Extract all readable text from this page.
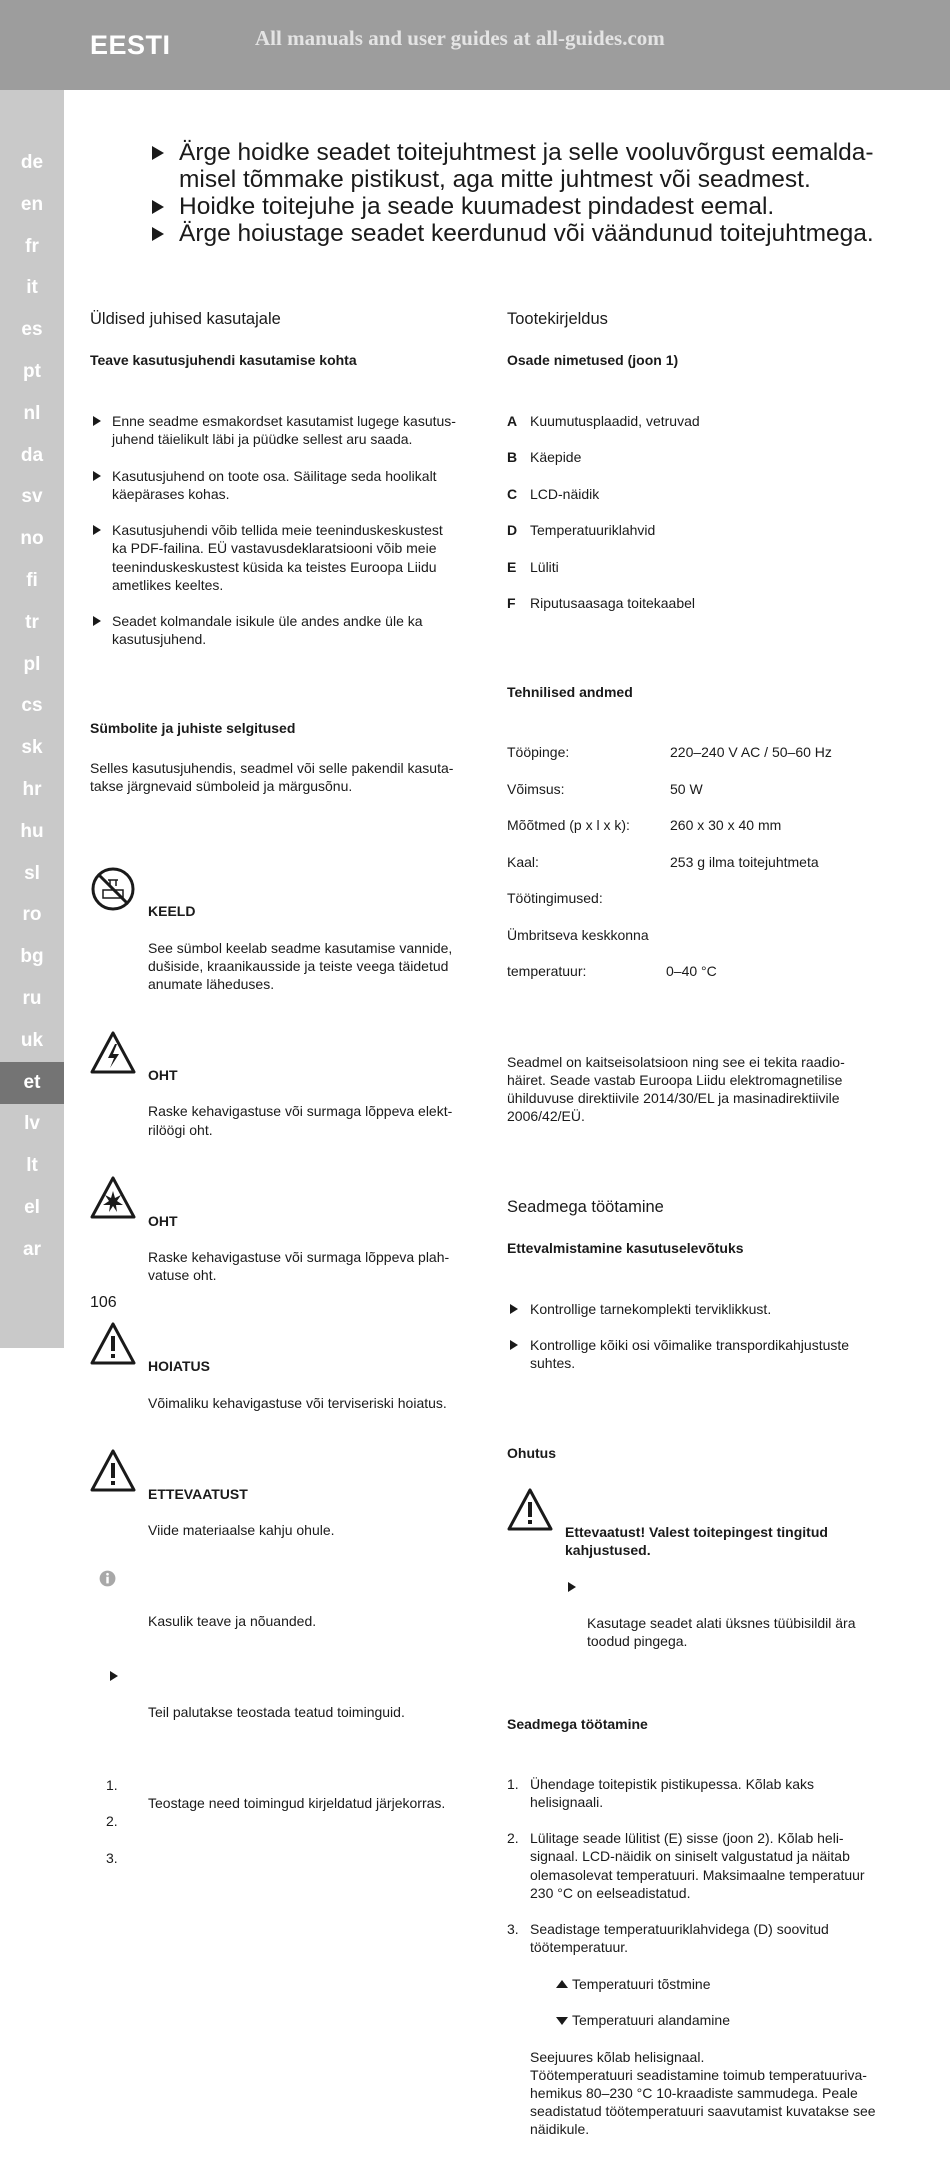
EESTI	All manuals and user guides at all-guides.com
de
en
fr
it
es
pt
nl
da
sv
no
fi
tr
pl
cs
sk
hr
hu
sl
ro
bg
ru
uk
et
lv
lt
el
ar
Ärge hoidke seadet toitejuhtmest ja selle vooluvõrgust eemalda-
misel tõmmake pistikust, aga mitte juhtmest või seadmest.
Hoidke toitejuhe ja seade kuumadest pindadest eemal.
Ärge hoiustage seadet keerdunud või väändunud toitejuhtmega.

Üldised juhised kasutajale

Teave kasutusjuhendi kasutamise kohta

Enne seadme esmakordset kasutamist lugege kasutus-
juhend täielikult läbi ja püüdke sellest aru saada.

Kasutusjuhend on toote osa. Säilitage seda hoolikalt
käepärases kohas.

Kasutusjuhendi võib tellida meie teeninduskeskustest
ka PDF-failina. EÜ vastavusdeklaratsiooni võib meie
teeninduskeskustest küsida ka teistes Euroopa Liidu
ametlikes keeltes.

Seadet kolmandale isikule üle andes andke üle ka
kasutusjuhend.

Sümbolite ja juhiste selgitused

Selles kasutusjuhendis, seadmel või selle pakendil kasuta-
takse järgnevaid sümboleid ja märgusõnu.

KEELD

See sümbol keelab seadme kasutamise vannide,
dušiside, kraanikausside ja teiste veega täidetud
anumate läheduses.

OHT

Raske kehavigastuse või surmaga lõppeva elekt-
rilöögi oht.

OHT

Raske kehavigastuse või surmaga lõppeva plah-
vatuse oht.

HOIATUS

Võimaliku kehavigastuse või terviseriski hoiatus.

ETTEVAATUST

Viide materiaalse kahju ohule.

Kasulik teave ja nõuanded.

Teil palutakse teostada teatud toiminguid.

1.

2.

3.

Teostage need toimingud kirjeldatud järjekorras.

Tootekirjeldus

Osade nimetused (joon 1)

A Kuumutusplaadid, vetruvad

B Käepide

C LCD-näidik

D Temperatuuriklahvid

E Lüliti

F	Riputusaasaga toitekaabel

Tehnilised andmed

Tööpinge:	220–240 V AC / 50–60 Hz

Võimsus:	50 W

Mõõtmed (p x l x k):	260 x 30 x 40 mm

Kaal:	253 g ilma toitejuhtmeta

Töötingimused:

Ümbritseva keskkonna

temperatuur:	0–40 °C

Seadmel on kaitseisolatsioon ning see ei tekita raadio-
häiret. Seade vastab Euroopa Liidu elektromagnetilise
ühilduvuse direktiivile 2014/30/EL ja masinadirektiivile
2006/42/EÜ.

Seadmega töötamine

Ettevalmistamine kasutuselevõtuks

Kontrollige tarnekomplekti terviklikkust.

Kontrollige kõiki osi võimalike transpordikahjustuste
suhtes.

Ohutus

Ettevaatust! Valest toitepingest tingitud
kahjustused.

Kasutage seadet alati üksnes tüübisildil ära
toodud pingega.

Seadmega töötamine

1. Ühendage toitepistik pistikupessa. Kõlab kaks
helisignaali.

2. Lülitage seade lülitist (E) sisse (joon 2). Kõlab heli-
signaal. LCD-näidik on siniselt valgustatud ja näitab
olemasolevat temperatuuri. Maksimaalne temperatuur
230 °C on eelseadistatud.

3. Seadistage temperatuuriklahvidega (D) soovitud
töötemperatuur.

Temperatuuri tõstmine

Temperatuuri alandamine

Seejuures kõlab helisignaal.
Töötemperatuuri seadistamine toimub temperatuuriva-
hemikus 80–230 °C 10-kraadiste sammudega. Peale
seadistatud töötemperatuuri saavutamist kuvatakse see
näidikule.

106
